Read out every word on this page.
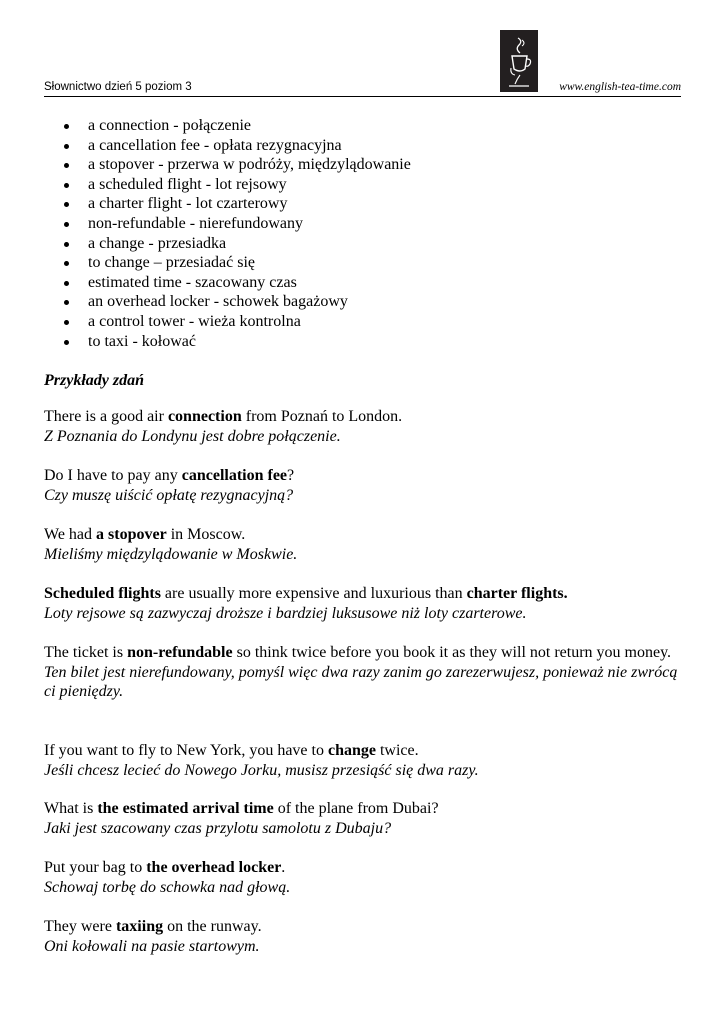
Słownictwo dzień 5 poziom 3	www.english-tea-time.com
a connection - połączenie
a cancellation fee - opłata rezygnacyjna
a stopover - przerwa w podróży, międzylądowanie
a scheduled flight - lot rejsowy
a charter flight - lot czarterowy
non-refundable - nierefundowany
a change - przesiadka
to change – przesiadać się
estimated time - szacowany czas
an overhead locker - schowek bagażowy
a control tower - wieża kontrolna
to taxi - kołować
Przykłady zdań

There is a good air connection from Poznań to London.

Z Poznania do Londynu jest dobre połączenie.

Do I have to pay any cancellation fee?

Czy muszę uiścić opłatę rezygnacyjną?

We had a stopover in Moscow.

Mieliśmy międzylądowanie w Moskwie.

Scheduled flights are usually more expensive and luxurious than charter flights.

Loty rejsowe są zazwyczaj droższe i bardziej luksusowe niż loty czarterowe.

The ticket is non-refundable so think twice before you book it as they will not return you money.

Ten bilet jest nierefundowany, pomyśl więc dwa razy zanim go zarezerwujesz, ponieważ nie zwrócą ci pieniędzy.

If you want to fly to New York, you have to change twice.

Jeśli chcesz lecieć do Nowego Jorku, musisz przesiąść się dwa razy.

What is the estimated arrival time of the plane from Dubai?

Jaki jest szacowany czas przylotu samolotu z Dubaju?

Put your bag to the overhead locker.

Schowaj torbę do schowka nad głową.

They were taxiing on the runway.

Oni kołowali na pasie startowym.
